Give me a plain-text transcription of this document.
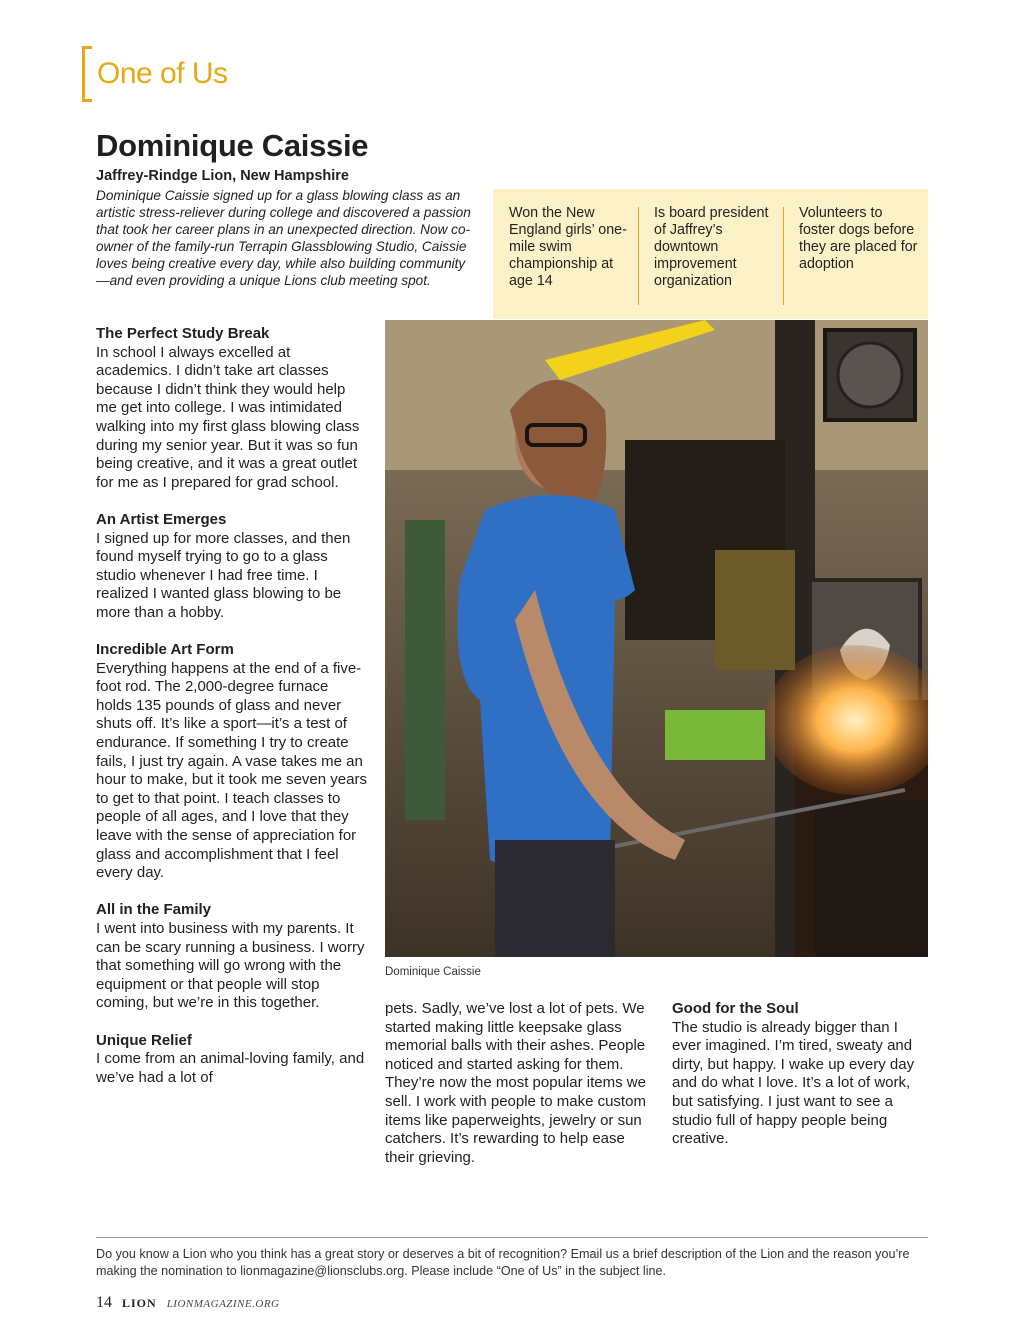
One of Us
Dominique Caissie
Jaffrey-Rindge Lion, New Hampshire
Dominique Caissie signed up for a glass blowing class as an artistic stress-reliever during college and discovered a passion that took her career plans in an unexpected direction. Now co-owner of the family-run Terrapin Glassblowing Studio, Caissie loves being creative every day, while also building community—and even providing a unique Lions club meeting spot.
Won the New England girls’ one-mile swim championship at age 14
Is board president of Jaffrey’s downtown improvement organization
Volunteers to foster dogs before they are placed for adoption
Dominique Caissie
The Perfect Study Break

In school I always excelled at academics. I didn’t take art classes because I didn’t think they would help me get into college. I was intimidated walking into my first glass blowing class during my senior year. But it was so fun being creative, and it was a great outlet for me as I prepared for grad school.

An Artist Emerges

I signed up for more classes, and then found myself trying to go to a glass studio whenever I had free time. I realized I wanted glass blowing to be more than a hobby.

Incredible Art Form

Everything happens at the end of a five-foot rod. The 2,000-degree furnace holds 135 pounds of glass and never shuts off. It’s like a sport—it’s a test of endurance. If something I try to create fails, I just try again. A vase takes me an hour to make, but it took me seven years to get to that point. I teach classes to people of all ages, and I love that they leave with the sense of appreciation for glass and accomplishment that I feel every day.

All in the Family

I went into business with my parents. It can be scary running a business. I worry that something will go wrong with the equipment or that people will stop coming, but we’re in this together.

Unique Relief

I come from an animal-loving family, and we’ve had a lot of

pets. Sadly, we’ve lost a lot of pets. We started making little keepsake glass memorial balls with their ashes. People noticed and started asking for them. They’re now the most popular items we sell. I work with people to make custom items like paperweights, jewelry or sun catchers. It’s rewarding to help ease their grieving.

Good for the Soul

The studio is already bigger than I ever imagined. I’m tired, sweaty and dirty, but happy. I wake up every day and do what I love. It’s a lot of work, but satisfying. I just want to see a studio full of happy people being creative.

Do you know a Lion who you think has a great story or deserves a bit of recognition? Email us a brief description of the Lion and the reason you’re making the nomination to lionmagazine@lionsclubs.org. Please include “One of Us” in the subject line.
14 LION LIONMAGAZINE.ORG
